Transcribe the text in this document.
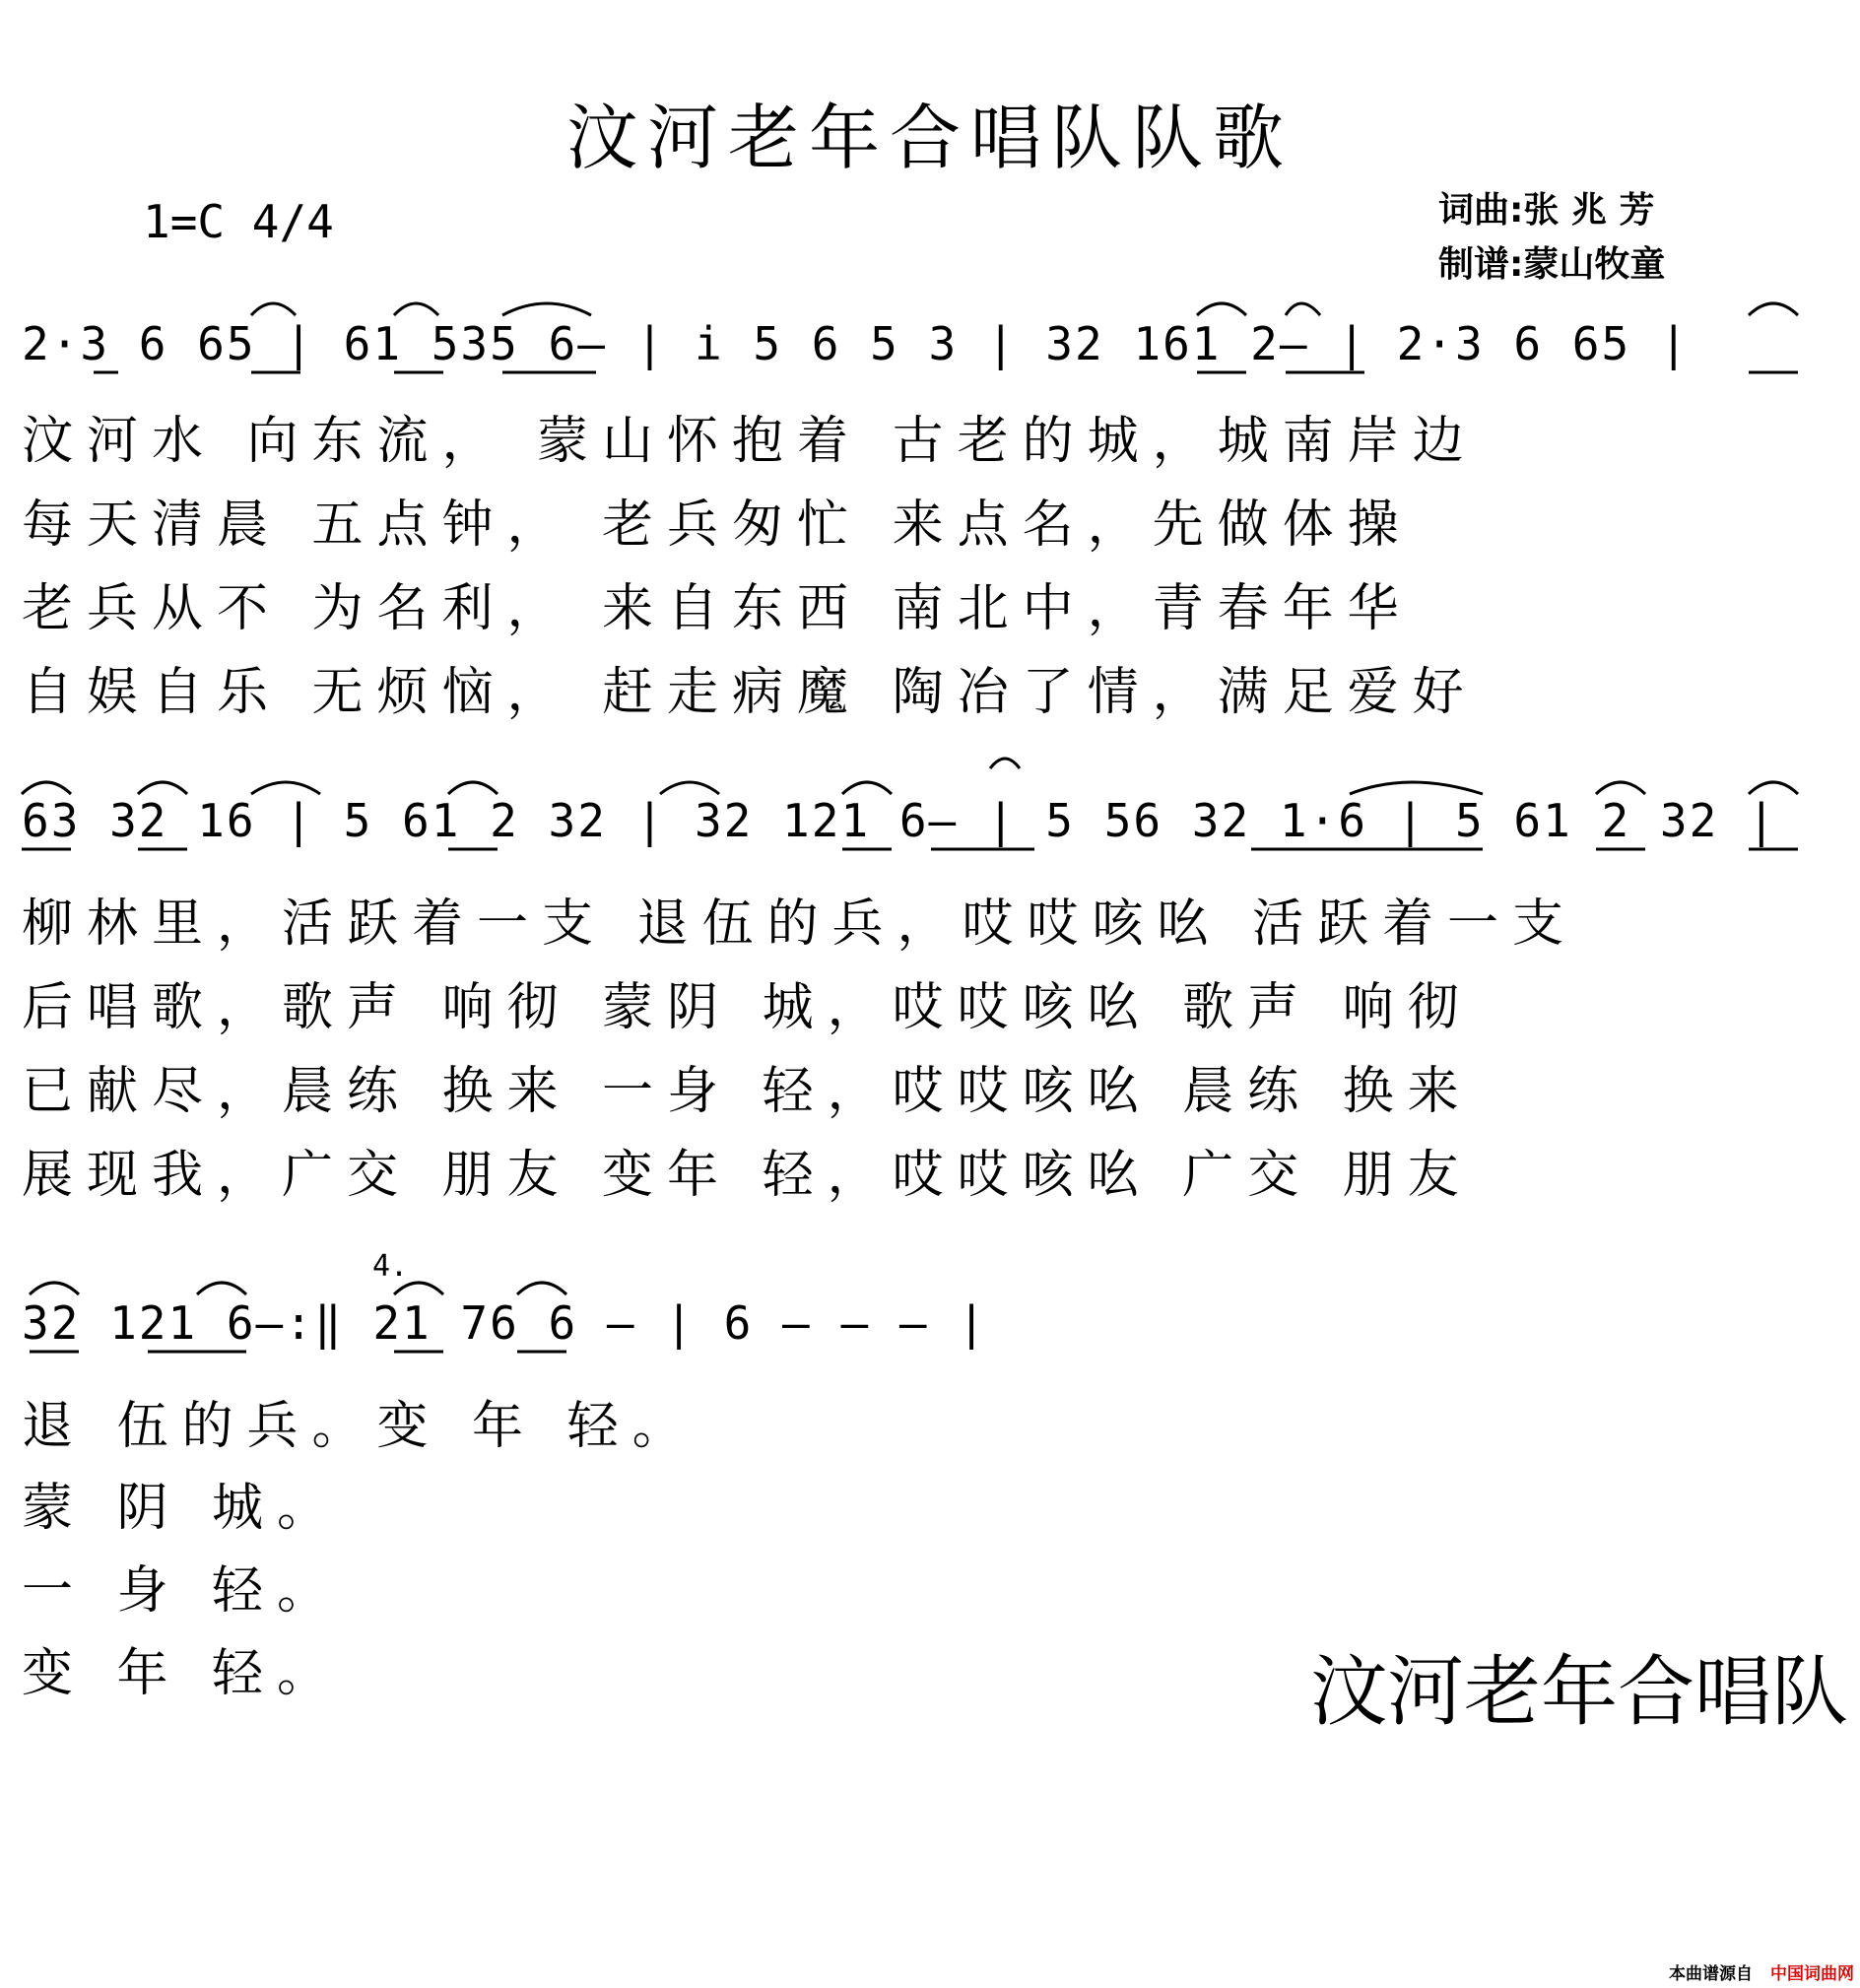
汶河老年合唱队队歌
1=C 4/4	词曲:张 兆 芳
制谱:蒙山牧童
2·3 6 65 | 61 535 6— | i 5 6 5 3 | 32 161 2— | 2·3 6 65 |
汶河水 向东流， 蒙山怀抱着 古老的城，城南岸边
每天清晨 五点钟， 老兵匆忙 来点名，先做体操
老兵从不 为名利， 来自东西 南北中，青春年华
自娱自乐 无烦恼， 赶走病魔 陶冶了情，满足爱好
63 32 16 | 5 61 2 32 | 32 121 6— | 5 56 32 1·6 | 5 61 2 32 |
柳林里，活跃着一支 退伍的兵，哎哎咳吆 活跃着一支
后唱歌，歌声 响彻 蒙阴 城，哎哎咳吆 歌声 响彻
已献尽，晨练 换来 一身 轻，哎哎咳吆 晨练 换来
展现我，广交 朋友 变年 轻，哎哎咳吆 广交 朋友
4.
32 121 6—:‖ 21 76 6 — | 6 — — — |
退 伍的兵。变 年 轻。
蒙 阴 城。
一 身 轻。
变 年 轻。	汶河老年合唱队
本曲谱源自 中国词曲网
